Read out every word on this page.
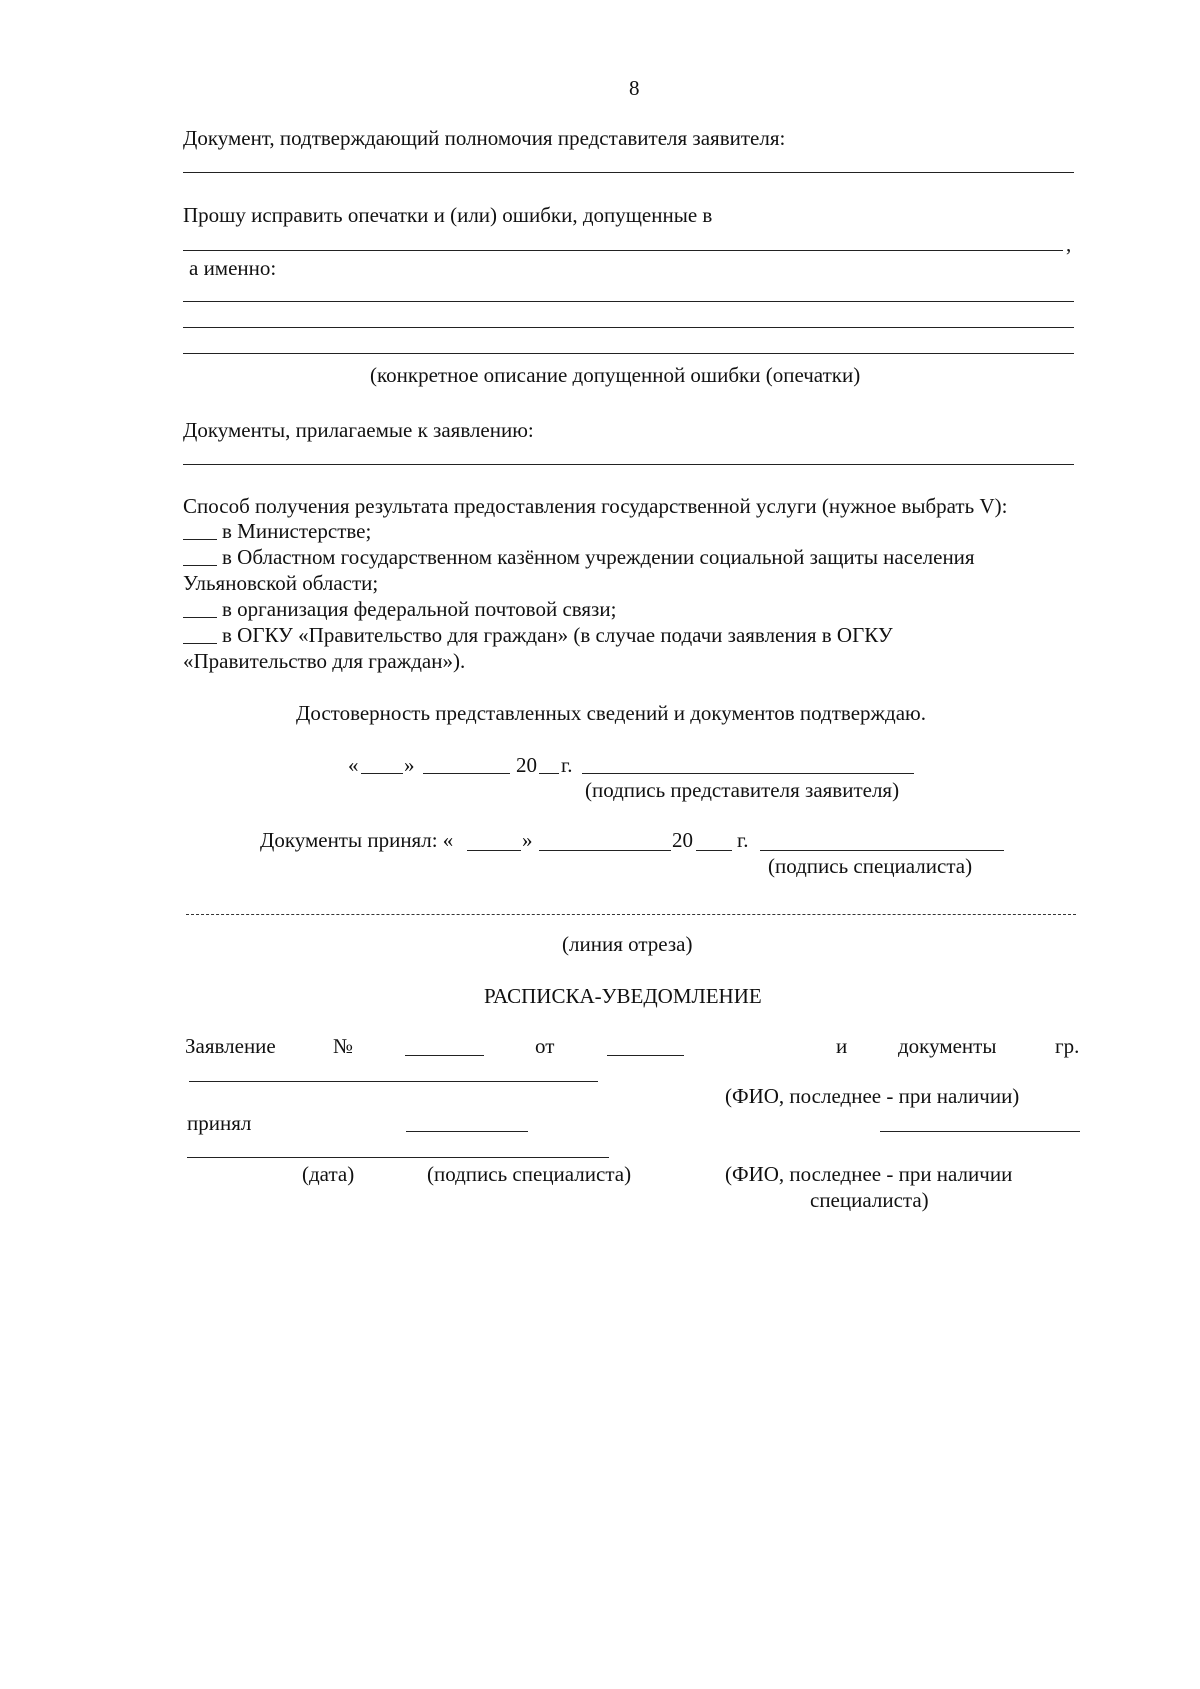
8
Документ, подтверждающий полномочия представителя заявителя:
Прошу исправить опечатки и (или) ошибки, допущенные в
,
а именно:
(конкретное описание допущенной ошибки (опечатки)
Документы, прилагаемые к заявлению:
Способ получения результата предоставления государственной услуги (нужное выбрать V):
в Министерстве;
в Областном государственном казённом учреждении социальной защиты населения
Ульяновской области;
в организация федеральной почтовой связи;
в ОГКУ «Правительство для граждан» (в случае подачи заявления в ОГКУ
«Правительство для граждан»).
Достоверность представленных сведений и документов подтверждаю.
« »	20 г.
(подпись представителя заявителя)
Документы принял: «	»	20 г.
(подпись специалиста)
(линия отреза)
РАСПИСКА-УВЕДОМЛЕНИЕ
Заявление	№	от	и документы	гр.
(ФИО, последнее - при наличии)
принял
(дата)	(подпись специалиста)	(ФИО, последнее - при наличии
специалиста)
